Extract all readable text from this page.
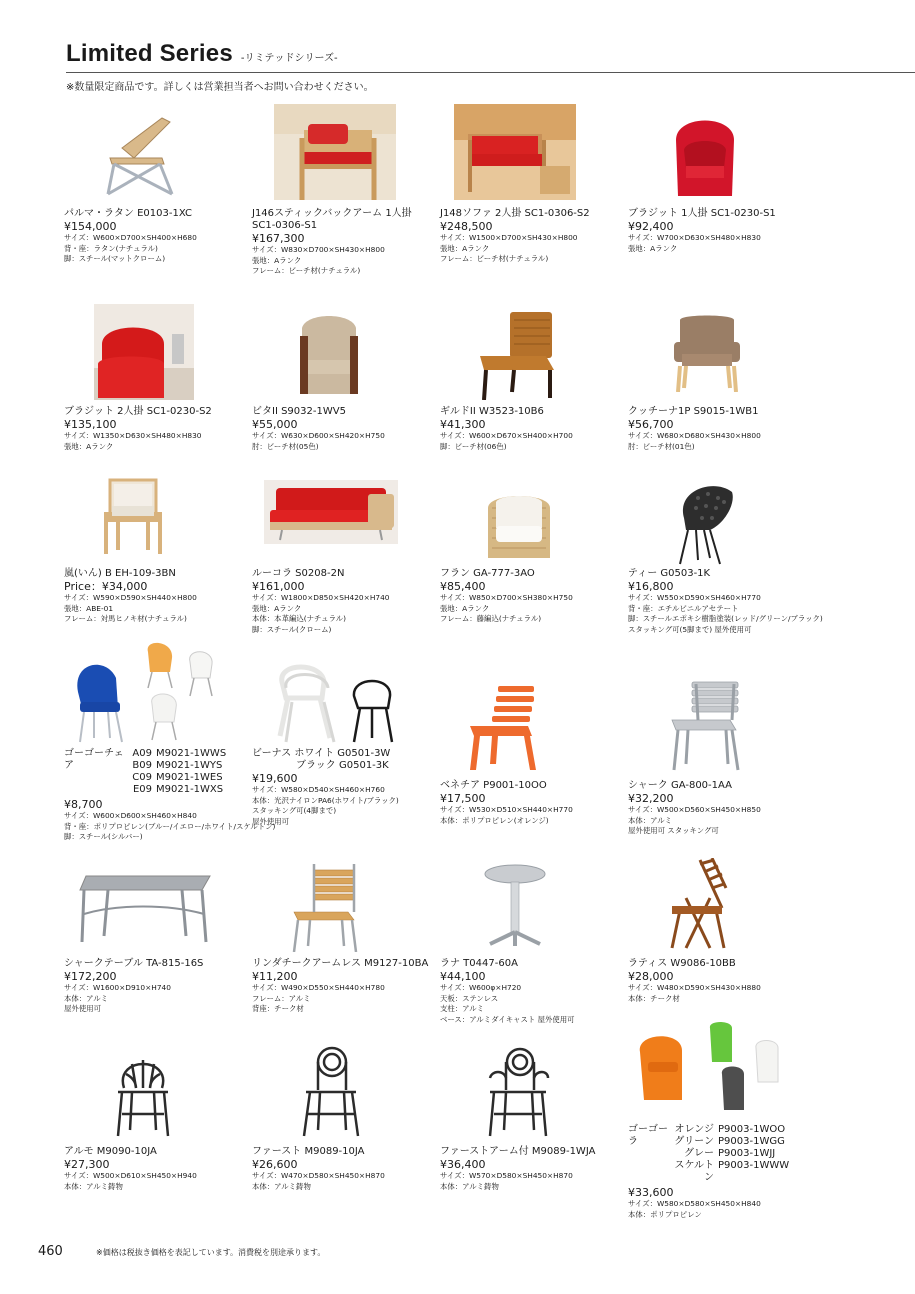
Limited Series -リミテッドシリーズ-
※数量限定商品です。詳しくは営業担当者へお問い合わせください。
パルマ・ラタン E0103-1XC
¥154,000
サイズ：W600×D700×SH400×H680
背・座：ラタン(ナチュラル)
脚：スチール(マットクローム)
J146スティックバックアーム 1人掛
SC1-0306-S1
¥167,300
サイズ：W830×D700×SH430×H800
張地：Aランク
フレーム：ビーチ材(ナチュラル)
J148ソファ 2人掛 SC1-0306-S2
¥248,500
サイズ：W1500×D700×SH430×H800
張地：Aランク
フレーム：ビーチ材(ナチュラル)
ブラジット 1人掛 SC1-0230-S1
¥92,400
サイズ：W700×D630×SH480×H830
張地：Aランク
ブラジット 2人掛 SC1-0230-S2
¥135,100
サイズ：W1350×D630×SH480×H830
張地：Aランク
ビタII S9032-1WV5
¥55,000
サイズ：W630×D600×SH420×H750
肘：ビーチ材(05色)
ギルドII W3523-10B6
¥41,300
サイズ：W600×D670×SH400×H700
脚：ビーチ材(06色)
クッチーナ1P S9015-1WB1
¥56,700
サイズ：W680×D680×SH430×H800
肘：ビーチ材(01色)
嵐(いん) B EH-109-3BN
Price：¥34,000
サイズ：W590×D590×SH440×H800
張地：ABE-01
フレーム：対馬ヒノキ材(ナチュラル)
ルーコラ S0208-2N
¥161,000
サイズ：W1800×D850×SH420×H740
張地：Aランク
本体：本革編込(ナチュラル)
脚：スチール(クローム)
フラン GA-777-3AO
¥85,400
サイズ：W850×D700×SH380×H750
張地：Aランク
フレーム：藤編込(ナチュラル)
ティー G0503-1K
¥16,800
サイズ：W550×D590×SH460×H770
背・座：エチルビニルアセテート
脚：スチールエポキシ樹脂塗装(レッド/グリーン/ブラック)
スタッキング可(5脚まで) 屋外使用可
ゴーゴーチェア
A09 M9021-1WWS
B09 M9021-1WYS
C09 M9021-1WES
E09 M9021-1WXS
¥8,700
サイズ：W600×D600×SH460×H840
背・座：ポリプロピレン(ブルー/イエロー/ホワイト/スケルトン)
脚：スチール(シルバー)
ビーナス ホワイト G0501-3W
ブラック G0501-3K
¥19,600
サイズ：W580×D540×SH460×H760
本体：光沢ナイロンPA6(ホワイト/ブラック)
スタッキング可(4脚まで)
屋外使用可
ベネチア P9001-10OO
¥17,500
サイズ：W530×D510×SH440×H770
本体：ポリプロピレン(オレンジ)
シャーク GA-800-1AA
¥32,200
サイズ：W500×D560×SH450×H850
本体：アルミ
屋外使用可 スタッキング可
シャークテーブル TA-815-16S
¥172,200
サイズ：W1600×D910×H740
本体：アルミ
屋外使用可
リンダチークアームレス M9127-10BA
¥11,200
サイズ：W490×D550×SH440×H780
フレーム：アルミ
背座：チーク材
ラナ T0447-60A
¥44,100
サイズ：W600φ×H720
天板：ステンレス
支柱：アルミ
ベース：アルミダイキャスト 屋外使用可
ラティス W9086-10BB
¥28,000
サイズ：W480×D590×SH430×H880
本体：チーク材
アルモ M9090-10JA
¥27,300
サイズ：W500×D610×SH450×H940
本体：アルミ鋳物
ファースト M9089-10JA
¥26,600
サイズ：W470×D580×SH450×H870
本体：アルミ鋳物
ファーストアーム付 M9089-1WJA
¥36,400
サイズ：W570×D580×SH450×H870
本体：アルミ鋳物
ゴーゴーラ
オレンジ P9003-1WOO
グリーン P9003-1WGG
グレー P9003-1WJJ
スケルトン
P9003-1WWW
¥33,600
サイズ：W580×D580×SH450×H840
本体：ポリプロピレン
460	※価格は税抜き価格を表記しています。消費税を別途承ります。
